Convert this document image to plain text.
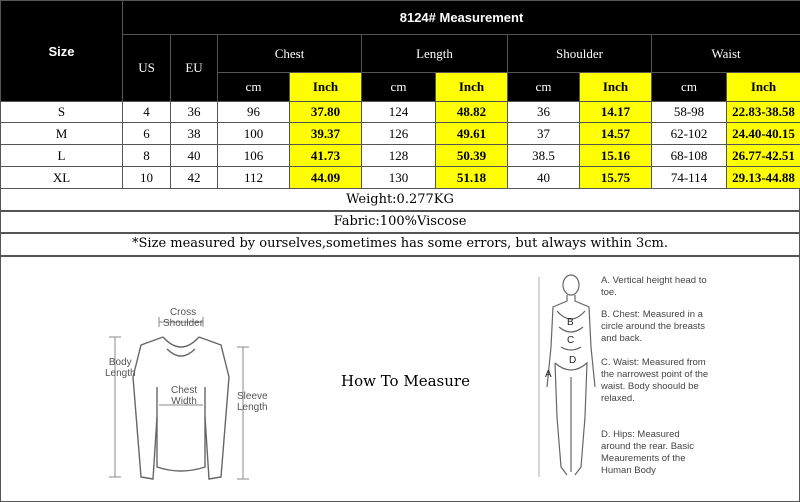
Size	8124# Measurement									
	US	EU	Chest		Length		Shoulder		Waist	
			cm	Inch	cm	Inch	cm	Inch	cm	Inch
S	4	36	96	37.80	124	48.82	36	14.17	58-98	22.83-38.58
M	6	38	100	39.37	126	49.61	37	14.57	62-102	24.40-40.15
L	8	40	106	41.73	128	50.39	38.5	15.16	68-108	26.77-42.51
XL	10	42	112	44.09	130	51.18	40	15.75	74-114	29.13-44.88
Weight:0.277KG
Fabric:100%Viscose
*Size measured by ourselves,sometimes has some errors, but always within 3cm.
Cross
Shoulder
Body
Length
Chest
Width	Sleeve
Length
How To Measure	A
B
C
D
A. Vertical height head to toe.
B. Chest: Measured in a circle around the breasts and back.
C. Waist: Measured from the narrowest point of the waist. Body shoould be relaxed.
D. Hips: Measured around the rear. Basic Meaurements of the Human Body
